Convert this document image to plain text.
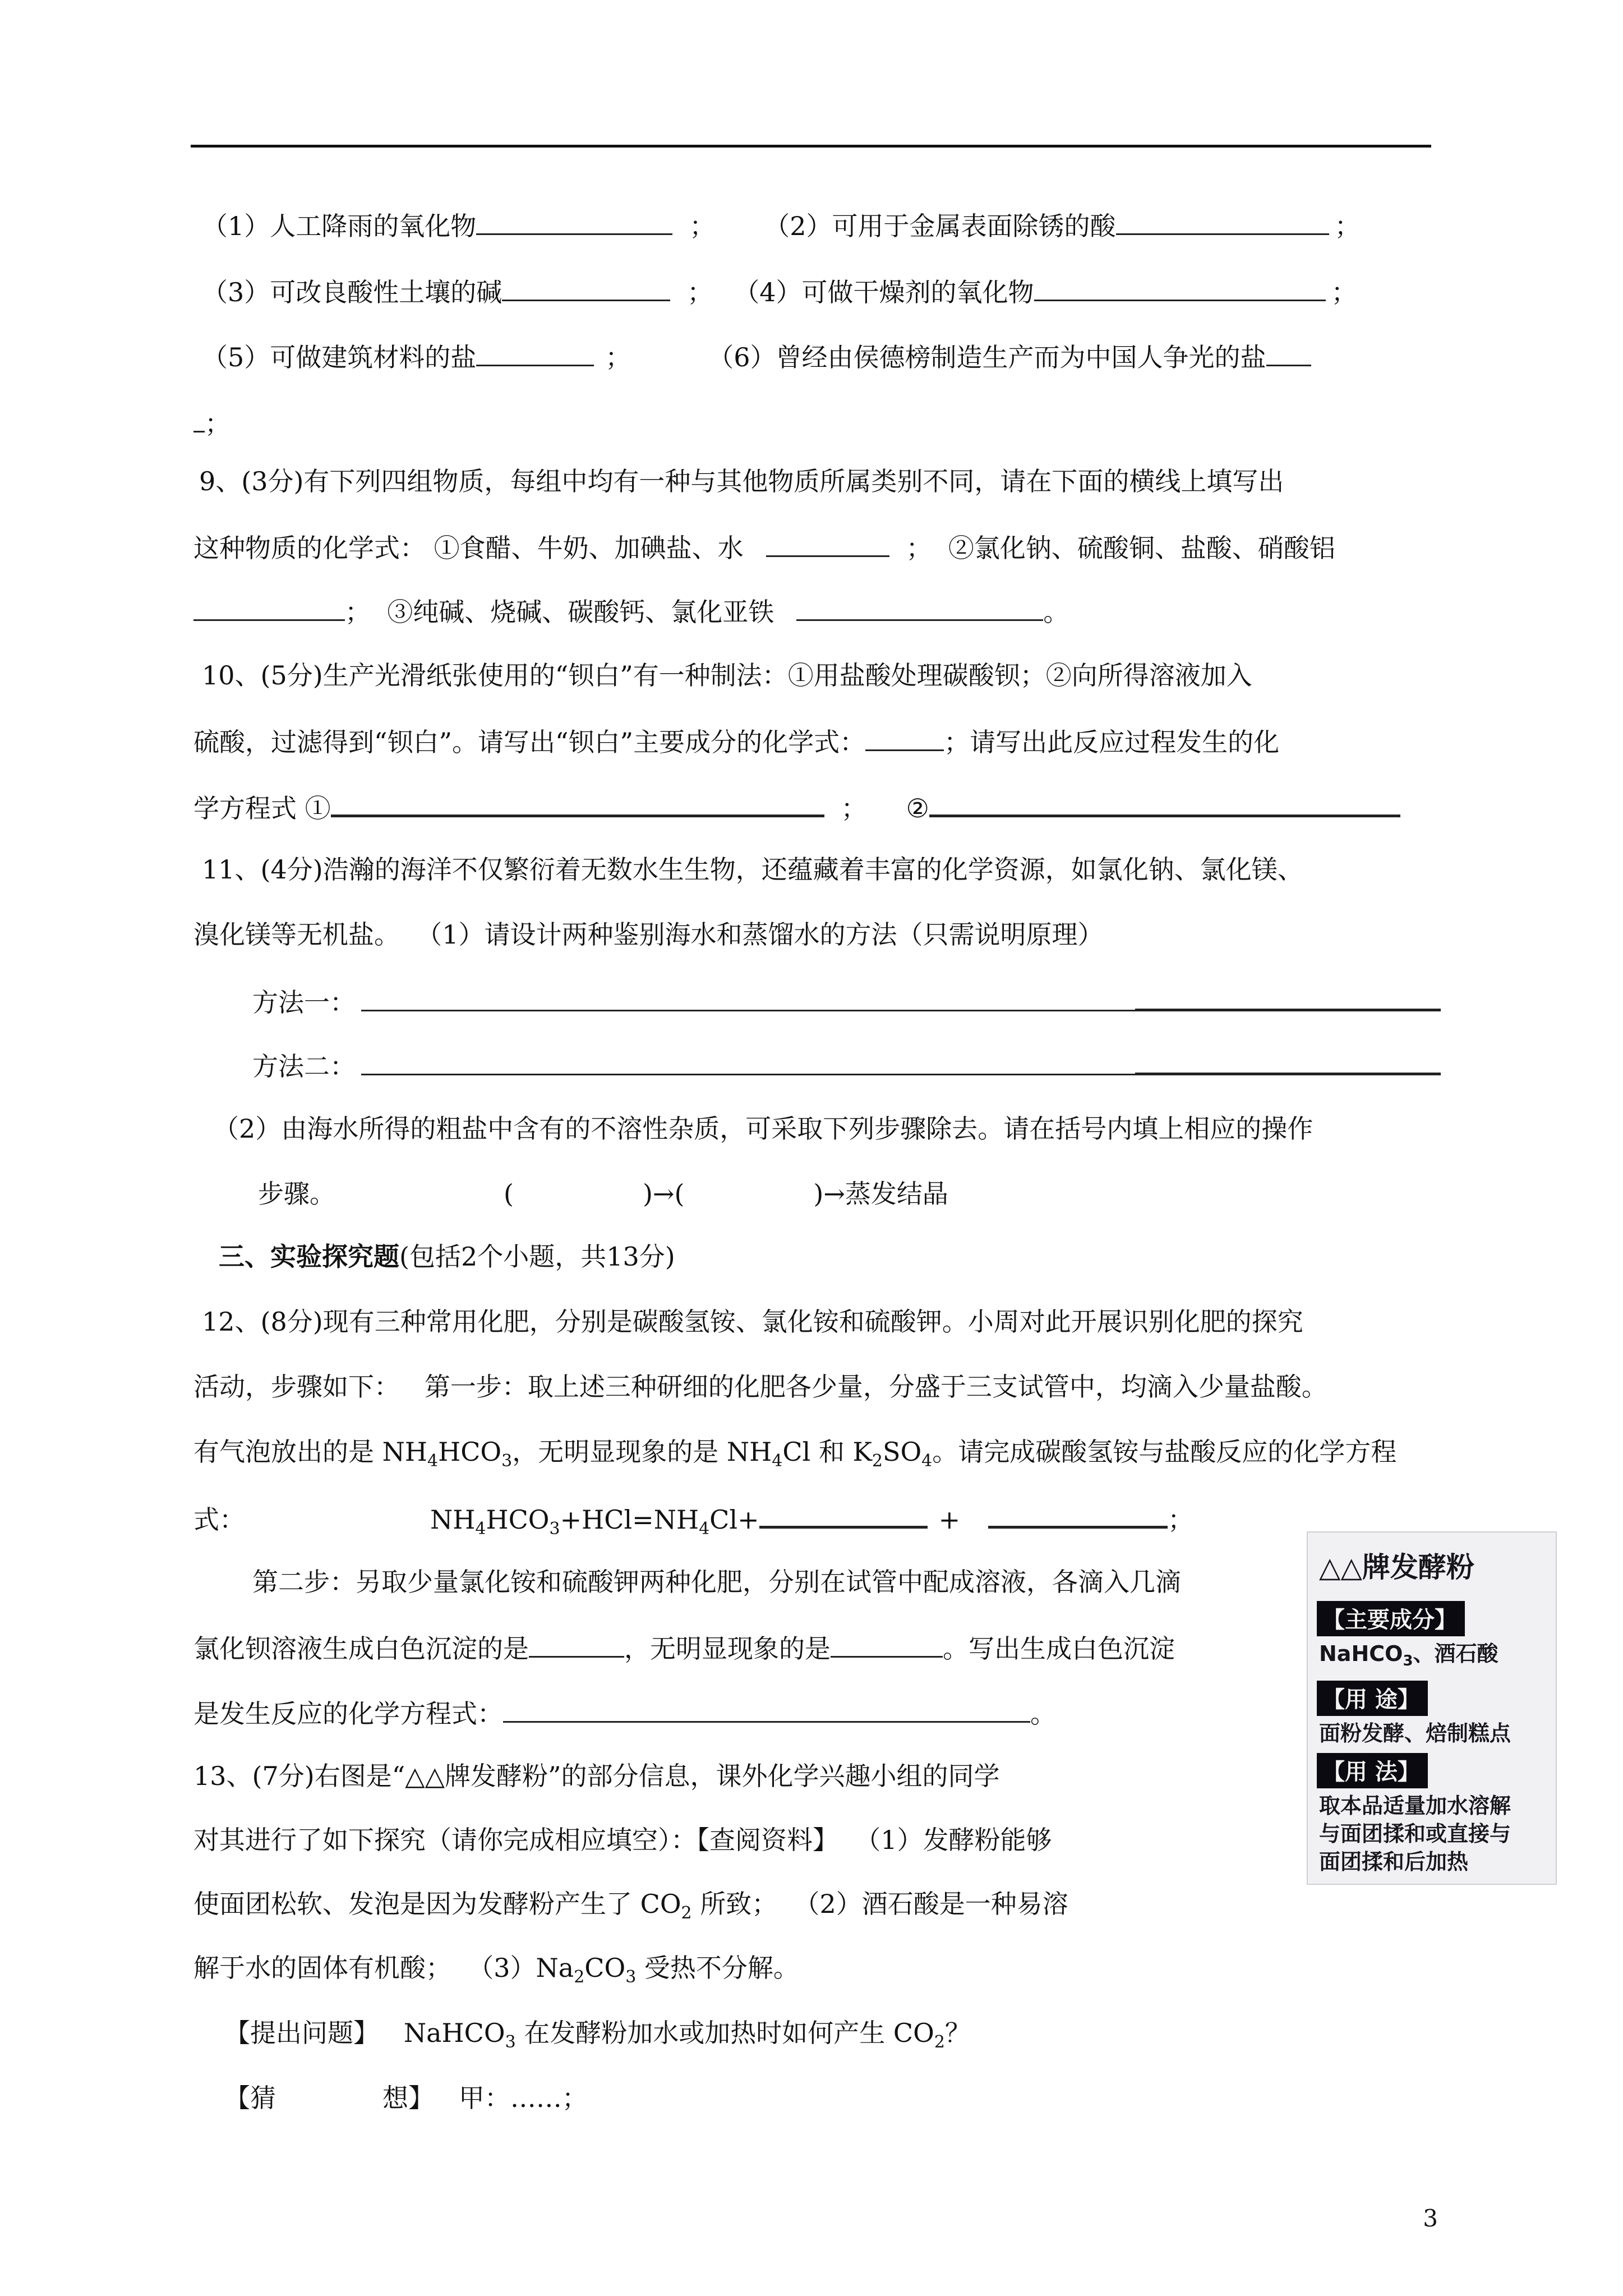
（1）人工降雨的氧化物	； （2）可用于金属表面除锈的酸	；
（3）可改良酸性土壤的碱	； （4）可做干燥剂的氧化物	；
（5）可做建筑材料的盐	；	（6）曾经由侯德榜制造生产而为中国人争光的盐
；
9、(3分)有下列四组物质，每组中均有一种与其他物质所属类别不同，请在下面的横线上填写出
这种物质的化学式： ①食醋、牛奶、加碘盐、水	；  ②氯化钠、硫酸铜、盐酸、硝酸铝
；  ③纯碱、烧碱、碳酸钙、氯化亚铁	。
10、(5分)生产光滑纸张使用的“钡白”有一种制法：①用盐酸处理碳酸钡；②向所得溶液加入
硫酸，过滤得到“钡白”。请写出“钡白”主要成分的化学式：	；请写出此反应过程发生的化
学方程式 ①	； ②
11、(4分)浩瀚的海洋不仅繁衍着无数水生生物，还蕴藏着丰富的化学资源，如氯化钠、氯化镁、
溴化镁等无机盐。  （1）请设计两种鉴别海水和蒸馏水的方法（只需说明原理）
方法一：
方法二：
（2）由海水所得的粗盐中含有的不溶性杂质，可采取下列步骤除去。请在括号内填上相应的操作
步骤。	(	)→(	)→蒸发结晶
三、实验探究题(包括2个小题，共13分)
12、(8分)现有三种常用化肥，分别是碳酸氢铵、氯化铵和硫酸钾。小周对此开展识别化肥的探究
活动，步骤如下：   第一步：取上述三种研细的化肥各少量，分盛于三支试管中，均滴入少量盐酸。
有气泡放出的是 $NH_4HCO_3$，无明显现象的是 $NH_4Cl$ 和 $K_2SO_4$。请完成碳酸氢铵与盐酸反应的化学方程
式：	$NH_4HCO_3+HCl=NH_4Cl+$	+	；
第二步：另取少量氯化铵和硫酸钾两种化肥，分别在试管中配成溶液，各滴入几滴
氯化钡溶液生成白色沉淀的是	，无明显现象的是	。写出生成白色沉淀
是发生反应的化学方程式：	。
13、(7分)右图是“△△牌发酵粉”的部分信息，课外化学兴趣小组的同学
对其进行了如下探究（请你完成相应填空）：【查阅资料】  （1）发酵粉能够
使面团松软、发泡是因为发酵粉产生了 $CO_2$ 所致；  （2）酒石酸是一种易溶
解于水的固体有机酸；  $(3)Na_2CO_3$ 受热不分解。
【提出问题】   NaHCO$_3$ 在发酵粉加水或加热时如何产生 $CO_2$？
【猜	想】   甲：……；
△△牌发酵粉
【主要成分】
NaHCO$_3$、酒石酸
【用 途】
面粉发酵、焙制糕点
【用 法】
取本品适量加水溶解
与面团揉和或直接与
面团揉和后加热
3
